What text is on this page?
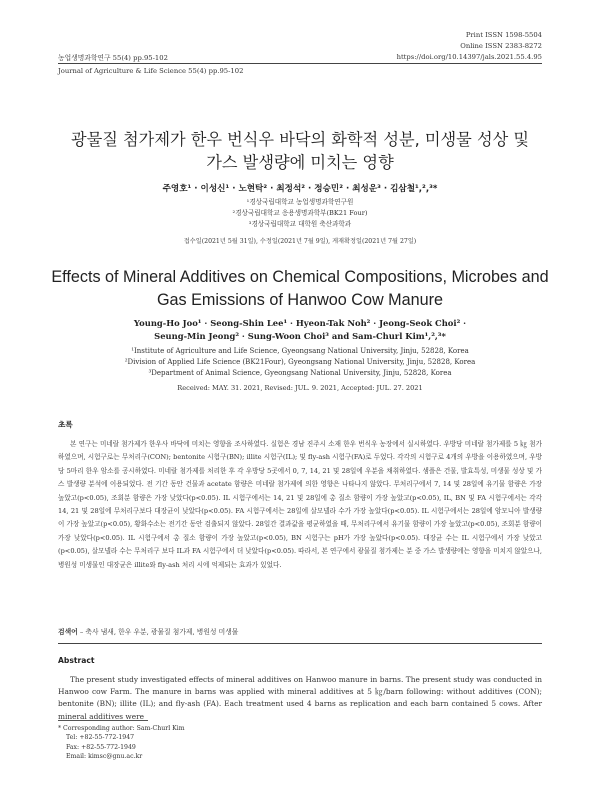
Print ISSN 1598-5504
Online ISSN 2383-8272
https://doi.org/10.14397/jals.2021.55.4.95
농업생명과학연구 55(4) pp.95-102
Journal of Agriculture & Life Science 55(4) pp.95-102
광물질 첨가제가 한우 번식우 바닥의 화학적 성분, 미생물 성상 및
가스 발생량에 미치는 영향
주영호¹ · 이성신¹ · 노현탁² · 최정석² · 정승민² · 최성운³ · 김삼철¹,²,³*
¹경상국립대학교 농업생명과학연구원
²경상국립대학교 응용생명과학부(BK21 Four)
³경상국립대학교 대학원 축산과학과
접수일(2021년 5월 31일), 수정일(2021년 7월 9일), 게재확정일(2021년 7월 27일)
Effects of Mineral Additives on Chemical Compositions, Microbes and
Gas Emissions of Hanwoo Cow Manure
Young-Ho Joo¹ · Seong-Shin Lee¹ · Hyeon-Tak Noh² · Jeong-Seok Choi² ·
Seung-Min Jeong² · Sung-Woon Choi³ and Sam-Churl Kim¹,²,³*
¹Institute of Agriculture and Life Science, Gyeongsang National University, Jinju, 52828, Korea
²Division of Applied Life Science (BK21Four), Gyeongsang National University, Jinju, 52828, Korea
³Department of Animal Science, Gyeongsang National University, Jinju, 52828, Korea
Received: MAY. 31. 2021, Revised: JUL. 9. 2021, Accepted: JUL. 27. 2021
초록
본 연구는 미네랄 첨가제가 한우사 바닥에 미치는 영향을 조사하였다. 실험은 경남 진주시 소재 한우 번식우 농장에서 실시하였다. 우방당 미네랄 첨가제를 5 ㎏ 첨가하였으며, 시험구로는 무처리구(CON); bentonite 시험구(BN); illite 시험구(IL); 및 fly-ash 시험구(FA)로 두었다. 각각의 시험구로 4개의 우방을 이용하였으며, 우방당 5마리 한우 암소를 공시하였다. 미네랄 첨가제를 처리한 후 각 우방당 5곳에서 0, 7, 14, 21 및 28일에 우분을 채취하였다. 샘플은 건물, 발효특성, 미생물 성상 및 가스 발생량 분석에 이용되었다. 전 기간 동안 건물과 acetate 함량은 미네랄 첨가제에 의한 영향은 나타나지 않았다. 무처리구에서 7, 14 및 28일에 유기물 함량은 가장 높았고(p<0.05), 조회분 함량은 가장 낮았다(p<0.05). IL 시험구에서는 14, 21 및 28일에 총 질소 함량이 가장 높았고(p<0.05), IL, BN 및 FA 시험구에서는 각각 14, 21 및 28일에 무처리구보다 대장균이 낮았다(p<0.05). FA 시험구에서는 28일에 살모넬라 수가 가장 높았다(p<0.05). IL 시험구에서는 28일에 암모니아 발생량이 가장 높았고(p<0.05), 황화수소는 전기간 동안 검출되지 않았다. 28일간 결과값을 평균하였을 때, 무처리구에서 유기물 함량이 가장 높았고(p<0.05), 조회분 함량이 가장 낮았다(p<0.05). IL 시험구에서 총 질소 함량이 가장 높았고(p<0.05), BN 시험구는 pH가 가장 높았다(p<0.05). 대장균 수는 IL 시험구에서 가장 낮았고(p<0.05), 살모넬라 수는 무처리구 보다 IL과 FA 시험구에서 더 낮았다(p<0.05). 따라서, 본 연구에서 광물질 첨가제는 분 중 가스 발생량에는 영향을 미치지 않았으나, 병원성 미생물인 대장균은 illite와 fly-ash 처리 시에 억제되는 효과가 있었다.
검색어 – 축사 냄새, 한우 우분, 광물질 첨가제, 병원성 미생물
Abstract
The present study investigated effects of mineral additives on Hanwoo manure in barns. The present study was conducted in Hanwoo cow Farm. The manure in barns was applied with mineral additives at 5 ㎏/barn following: without additives (CON); bentonite (BN); illite (IL); and fly-ash (FA). Each treatment used 4 barns as replication and each barn contained 5 cows. After mineral additives were
* Corresponding author: Sam-Churl Kim
Tel: +82-55-772-1947
Fax: +82-55-772-1949
Email: kimsc@gnu.ac.kr
